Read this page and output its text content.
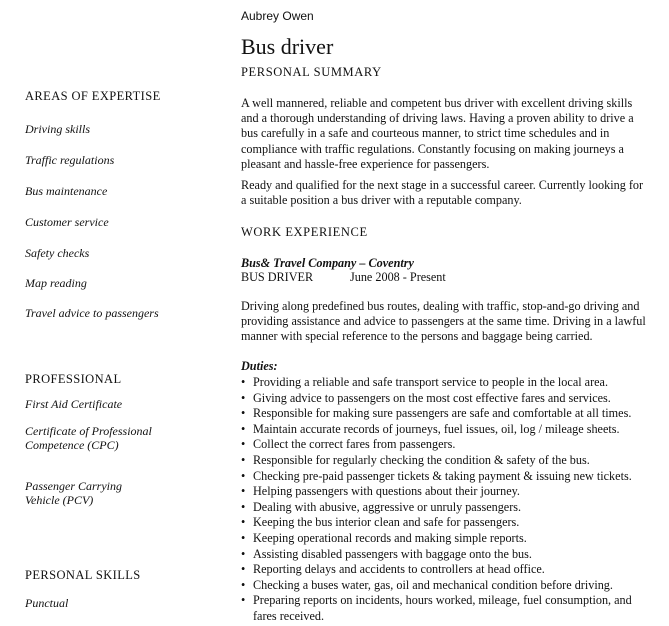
Aubrey Owen
Bus driver
PERSONAL SUMMARY
A well mannered, reliable and competent bus driver with excellent driving skills and a thorough understanding of driving laws. Having a proven ability to drive a bus carefully in a safe and courteous manner, to strict time schedules and in compliance with traffic regulations. Constantly focusing on making journeys a pleasant and hassle-free experience for passengers.
Ready and qualified for the next stage in a successful career. Currently looking for a suitable position a bus driver with a reputable company.
AREAS OF EXPERTISE
Driving skills
Traffic regulations
Bus maintenance
Customer service
Safety checks
Map reading
Travel advice to passengers
PROFESSIONAL
First Aid Certificate
Certificate of Professional Competence (CPC)
Passenger Carrying Vehicle (PCV)
PERSONAL SKILLS
Punctual
WORK EXPERIENCE
Bus& Travel Company – Coventry
BUS DRIVER	June 2008 - Present
Driving along predefined bus routes, dealing with traffic, stop-and-go driving and providing assistance and advice to passengers at the same time. Driving in a lawful manner with special reference to the persons and baggage being carried.
Duties:
• Providing a reliable and safe transport service to people in the local area.
• Giving advice to passengers on the most cost effective fares and services.
• Responsible for making sure passengers are safe and comfortable at all times.
• Maintain accurate records of journeys, fuel issues, oil, log / mileage sheets.
• Collect the correct fares from passengers.
• Responsible for regularly checking the condition & safety of the bus.
• Checking pre-paid passenger tickets & taking payment & issuing new tickets.
• Helping passengers with questions about their journey.
• Dealing with abusive, aggressive or unruly passengers.
• Keeping the bus interior clean and safe for passengers.
• Keeping operational records and making simple reports.
• Assisting disabled passengers with baggage onto the bus.
• Reporting delays and accidents to controllers at head office.
• Checking a buses water, gas, oil and mechanical condition before driving.
• Preparing reports on incidents, hours worked, mileage, fuel consumption, and fares received.
